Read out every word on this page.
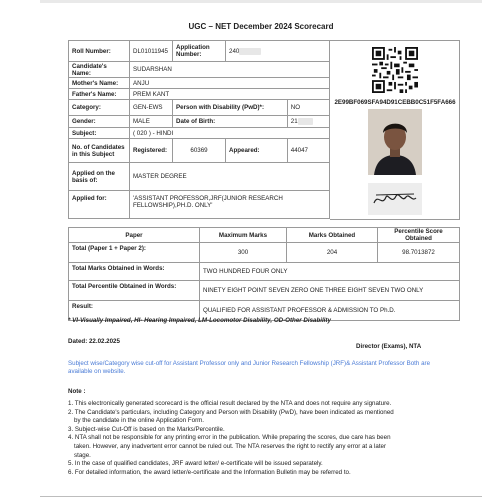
UGC – NET December 2024 Scorecard
Roll Number:	DL01011945	Application Number:	240	
Candidate's Name:	SUDARSHAN			
Mother's Name:	ANJU			
Father's Name:	PREM KANT			
Category:	GEN-EWS	Person with Disability (PwD)*:		NO
Gender:	MALE	Date of Birth:		21
Subject:	( 020 ) - HINDI			
No. of Candidates in this Subject	Registered:	60369	Appeared:	44047
Applied on the basis of:	MASTER DEGREE			
Applied for:	'ASSISTANT PROFESSOR,JRF(JUNIOR RESEARCH FELLOWSHIP),PH.D. ONLY'			
2E99BF069SFA94D91CEBB0C51F5FA666
Paper	Maximum Marks	Marks Obtained	Percentile Score Obtained
Total (Paper 1 + Paper 2):	300	204	98.7013872
Total Marks Obtained in Words:	TWO HUNDRED FOUR ONLY		
Total Percentile Obtained in Words:	NINETY EIGHT POINT SEVEN ZERO ONE THREE EIGHT SEVEN TWO ONLY		
Result:	QUALIFIED FOR ASSISTANT PROFESSOR & ADMISSION TO Ph.D.		
* VI-Visually Impaired, HI- Hearing Impaired, LM-Locomotor Disability, OD-Other Disability
Dated: 22.02.2025
Director (Exams), NTA
Subject wise/Category wise cut-off for Assistant Professor only and Junior Research Fellowship (JRF)& Assistant Professor Both are available on website.
Note :
1. This electronically generated scorecard is the official result declared by the NTA and does not require any signature.
2. The Candidate's particulars, including Category and Person with Disability (PwD), have been indicated as mentioned
by the candidate in the online Application Form.
3. Subject-wise Cut-Off is based on the Marks/Percentile.
4. NTA shall not be responsible for any printing error in the publication. While preparing the scores, due care has been
taken. However, any inadvertent error cannot be ruled out. The NTA reserves the right to rectify any error at a later
stage.
5. In the case of qualified candidates, JRF award letter/ e-certificate will be issued separately.
6. For detailed information, the award letter/e-certificate and the Information Bulletin may be referred to.
